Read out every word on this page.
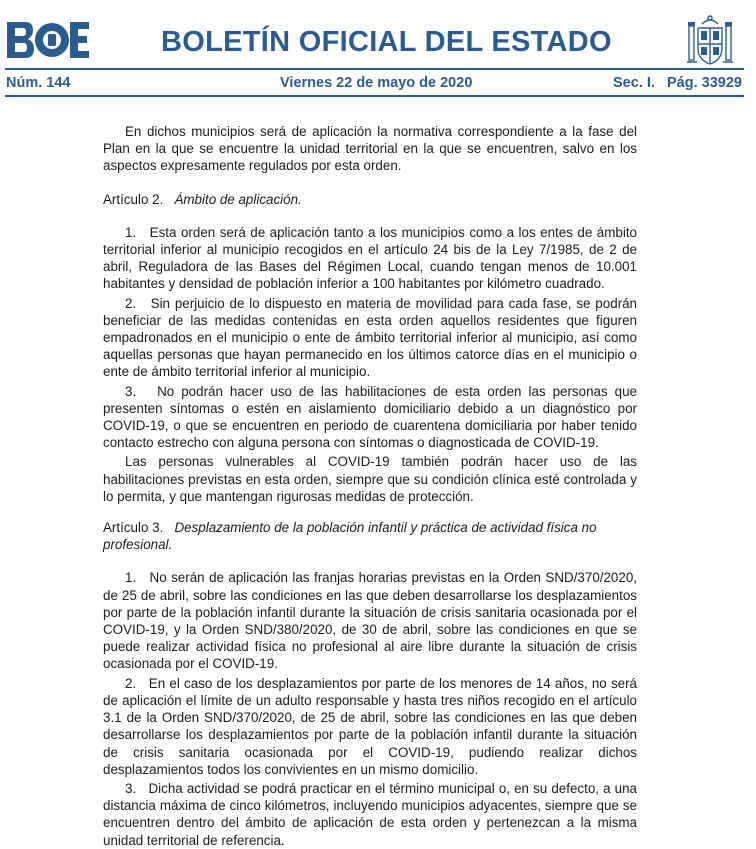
BOLETÍN OFICIAL DEL ESTADO
Núm. 144	Viernes 22 de mayo de 2020	Sec. I.   Pág. 33929

En dichos municipios será de aplicación la normativa correspondiente a la fase del Plan en la que se encuentre la unidad territorial en la que se encuentren, salvo en los aspectos expresamente regulados por esta orden.

Artículo 2. Ámbito de aplicación.

1.   Esta orden será de aplicación tanto a los municipios como a los entes de ámbito territorial inferior al municipio recogidos en el artículo 24 bis de la Ley 7/1985, de 2 de abril, Reguladora de las Bases del Régimen Local, cuando tengan menos de 10.001 habitantes y densidad de población inferior a 100 habitantes por kilómetro cuadrado.

2.   Sin perjuicio de lo dispuesto en materia de movilidad para cada fase, se podrán beneficiar de las medidas contenidas en esta orden aquellos residentes que figuren empadronados en el municipio o ente de ámbito territorial inferior al municipio, así como aquellas personas que hayan permanecido en los últimos catorce días en el municipio o ente de ámbito territorial inferior al municipio.

3.   No podrán hacer uso de las habilitaciones de esta orden las personas que presenten síntomas o estén en aislamiento domiciliario debido a un diagnóstico por COVID-19, o que se encuentren en periodo de cuarentena domiciliaria por haber tenido contacto estrecho con alguna persona con síntomas o diagnosticada de COVID-19.

Las personas vulnerables al COVID-19 también podrán hacer uso de las habilitaciones previstas en esta orden, siempre que su condición clínica esté controlada y lo permita, y que mantengan rigurosas medidas de protección.

Artículo 3. Desplazamiento de la población infantil y práctica de actividad física no profesional.

1.   No serán de aplicación las franjas horarias previstas en la Orden SND/370/2020, de 25 de abril, sobre las condiciones en las que deben desarrollarse los desplazamientos por parte de la población infantil durante la situación de crisis sanitaria ocasionada por el COVID-19, y la Orden SND/380/2020, de 30 de abril, sobre las condiciones en que se puede realizar actividad física no profesional al aire libre durante la situación de crisis ocasionada por el COVID-19.

2.   En el caso de los desplazamientos por parte de los menores de 14 años, no será de aplicación el límite de un adulto responsable y hasta tres niños recogido en el artículo 3.1 de la Orden SND/370/2020, de 25 de abril, sobre las condiciones en las que deben desarrollarse los desplazamientos por parte de la población infantil durante la situación de crisis sanitaria ocasionada por el COVID-19, pudiendo realizar dichos desplazamientos todos los convivientes en un mismo domicilio.

3.   Dicha actividad se podrá practicar en el término municipal o, en su defecto, a una distancia máxima de cinco kilómetros, incluyendo municipios adyacentes, siempre que se encuentren dentro del ámbito de aplicación de esta orden y pertenezcan a la misma unidad territorial de referencia.
